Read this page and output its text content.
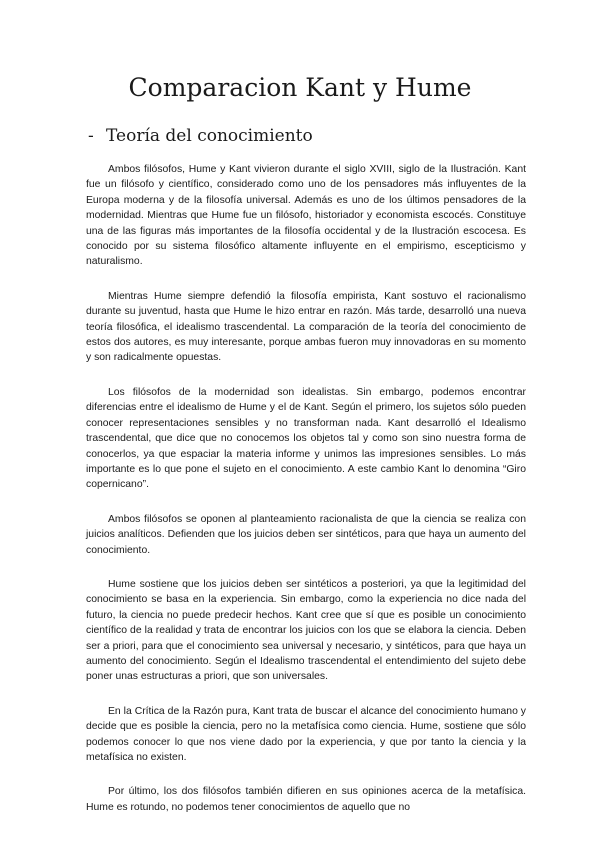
Comparacion Kant y Hume
- Teoría del conocimiento

Ambos filósofos, Hume y Kant vivieron durante el siglo XVIII, siglo de la Ilustración. Kant fue un filósofo y científico, considerado como uno de los pensadores más influyentes de la Europa moderna y de la filosofía universal. Además es uno de los últimos pensadores de la modernidad. Mientras que Hume fue un filósofo, historiador y economista escocés. Constituye una de las figuras más importantes de la filosofía occidental y de la Ilustración escocesa. Es conocido por su sistema filosófico altamente influyente en el empirismo, escepticismo y naturalismo.

Mientras Hume siempre defendió la filosofía empirista, Kant sostuvo el racionalismo durante su juventud, hasta que Hume le hizo entrar en razón. Más tarde, desarrolló una nueva teoría filosófica, el idealismo trascendental. La comparación de la teoría del conocimiento de estos dos autores, es muy interesante, porque ambas fueron muy innovadoras en su momento y son radicalmente opuestas.

Los filósofos de la modernidad son idealistas. Sin embargo, podemos encontrar diferencias entre el idealismo de Hume y el de Kant. Según el primero, los sujetos sólo pueden conocer representaciones sensibles y no transforman nada. Kant desarrolló el Idealismo trascendental, que dice que no conocemos los objetos tal y como son sino nuestra forma de conocerlos, ya que espaciar la materia informe y unimos las impresiones sensibles. Lo más importante es lo que pone el sujeto en el conocimiento. A este cambio Kant lo denomina “Giro copernicano”.

Ambos filósofos se oponen al planteamiento racionalista de que la ciencia se realiza con juicios analíticos. Defienden que los juicios deben ser sintéticos, para que haya un aumento del conocimiento.

Hume sostiene que los juicios deben ser sintéticos a posteriori, ya que la legitimidad del conocimiento se basa en la experiencia. Sin embargo, como la experiencia no dice nada del futuro, la ciencia no puede predecir hechos. Kant cree que sí que es posible un conocimiento científico de la realidad y trata de encontrar los juicios con los que se elabora la ciencia. Deben ser a priori, para que el conocimiento sea universal y necesario, y sintéticos, para que haya un aumento del conocimiento. Según el Idealismo trascendental el entendimiento del sujeto debe poner unas estructuras a priori, que son universales.

En la Crítica de la Razón pura, Kant trata de buscar el alcance del conocimiento humano y decide que es posible la ciencia, pero no la metafísica como ciencia. Hume, sostiene que sólo podemos conocer lo que nos viene dado por la experiencia, y que por tanto la ciencia y la metafísica no existen.

Por último, los dos filósofos también difieren en sus opiniones acerca de la metafísica. Hume es rotundo, no podemos tener conocimientos de aquello que no
